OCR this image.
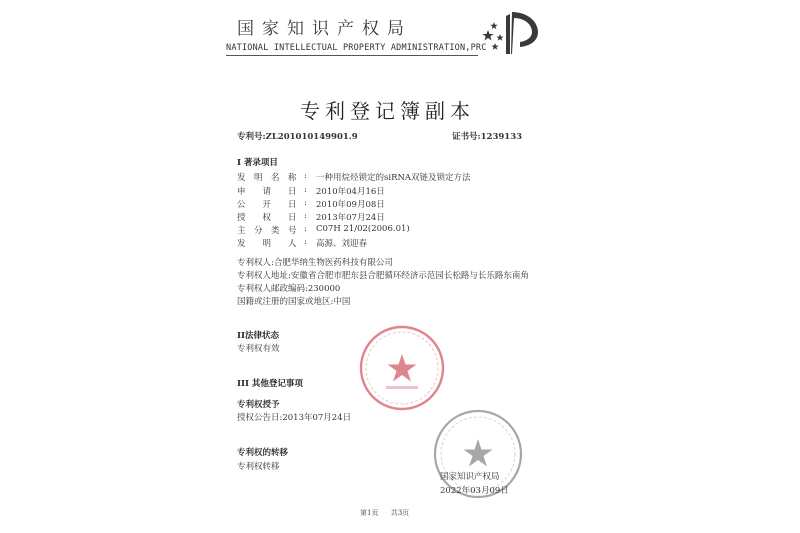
国家知识产权局
NATIONAL INTELLECTUAL PROPERTY ADMINISTRATION,PRC
专利登记簿副本
专利号:ZL201010149901.9	证书号:1239133
I 著录项目
发　明　名　称 : 一种用烷烃锁定的siRNA双链及锁定方法
申　　请　　日 : 2010年04月16日
公　　开　　日 : 2010年09月08日
授　　权　　日 : 2013年07月24日
主　分　类　号 : C07H 21/02(2006.01)
发　　明　　人 : 高源、刘迎春
专利权人:合肥华纳生物医药科技有限公司
专利权人地址:安徽省合肥市肥东县合肥循环经济示范园长松路与长乐路东南角
专利权人邮政编码:230000
国籍或注册的国家或地区:中国
II法律状态
专利权有效
III 其他登记事项
专利权授予
授权公告日:2013年07月24日
专利权的转移
专利权转移
国家知识产权局
2022年03月09日
第1页 共3页
